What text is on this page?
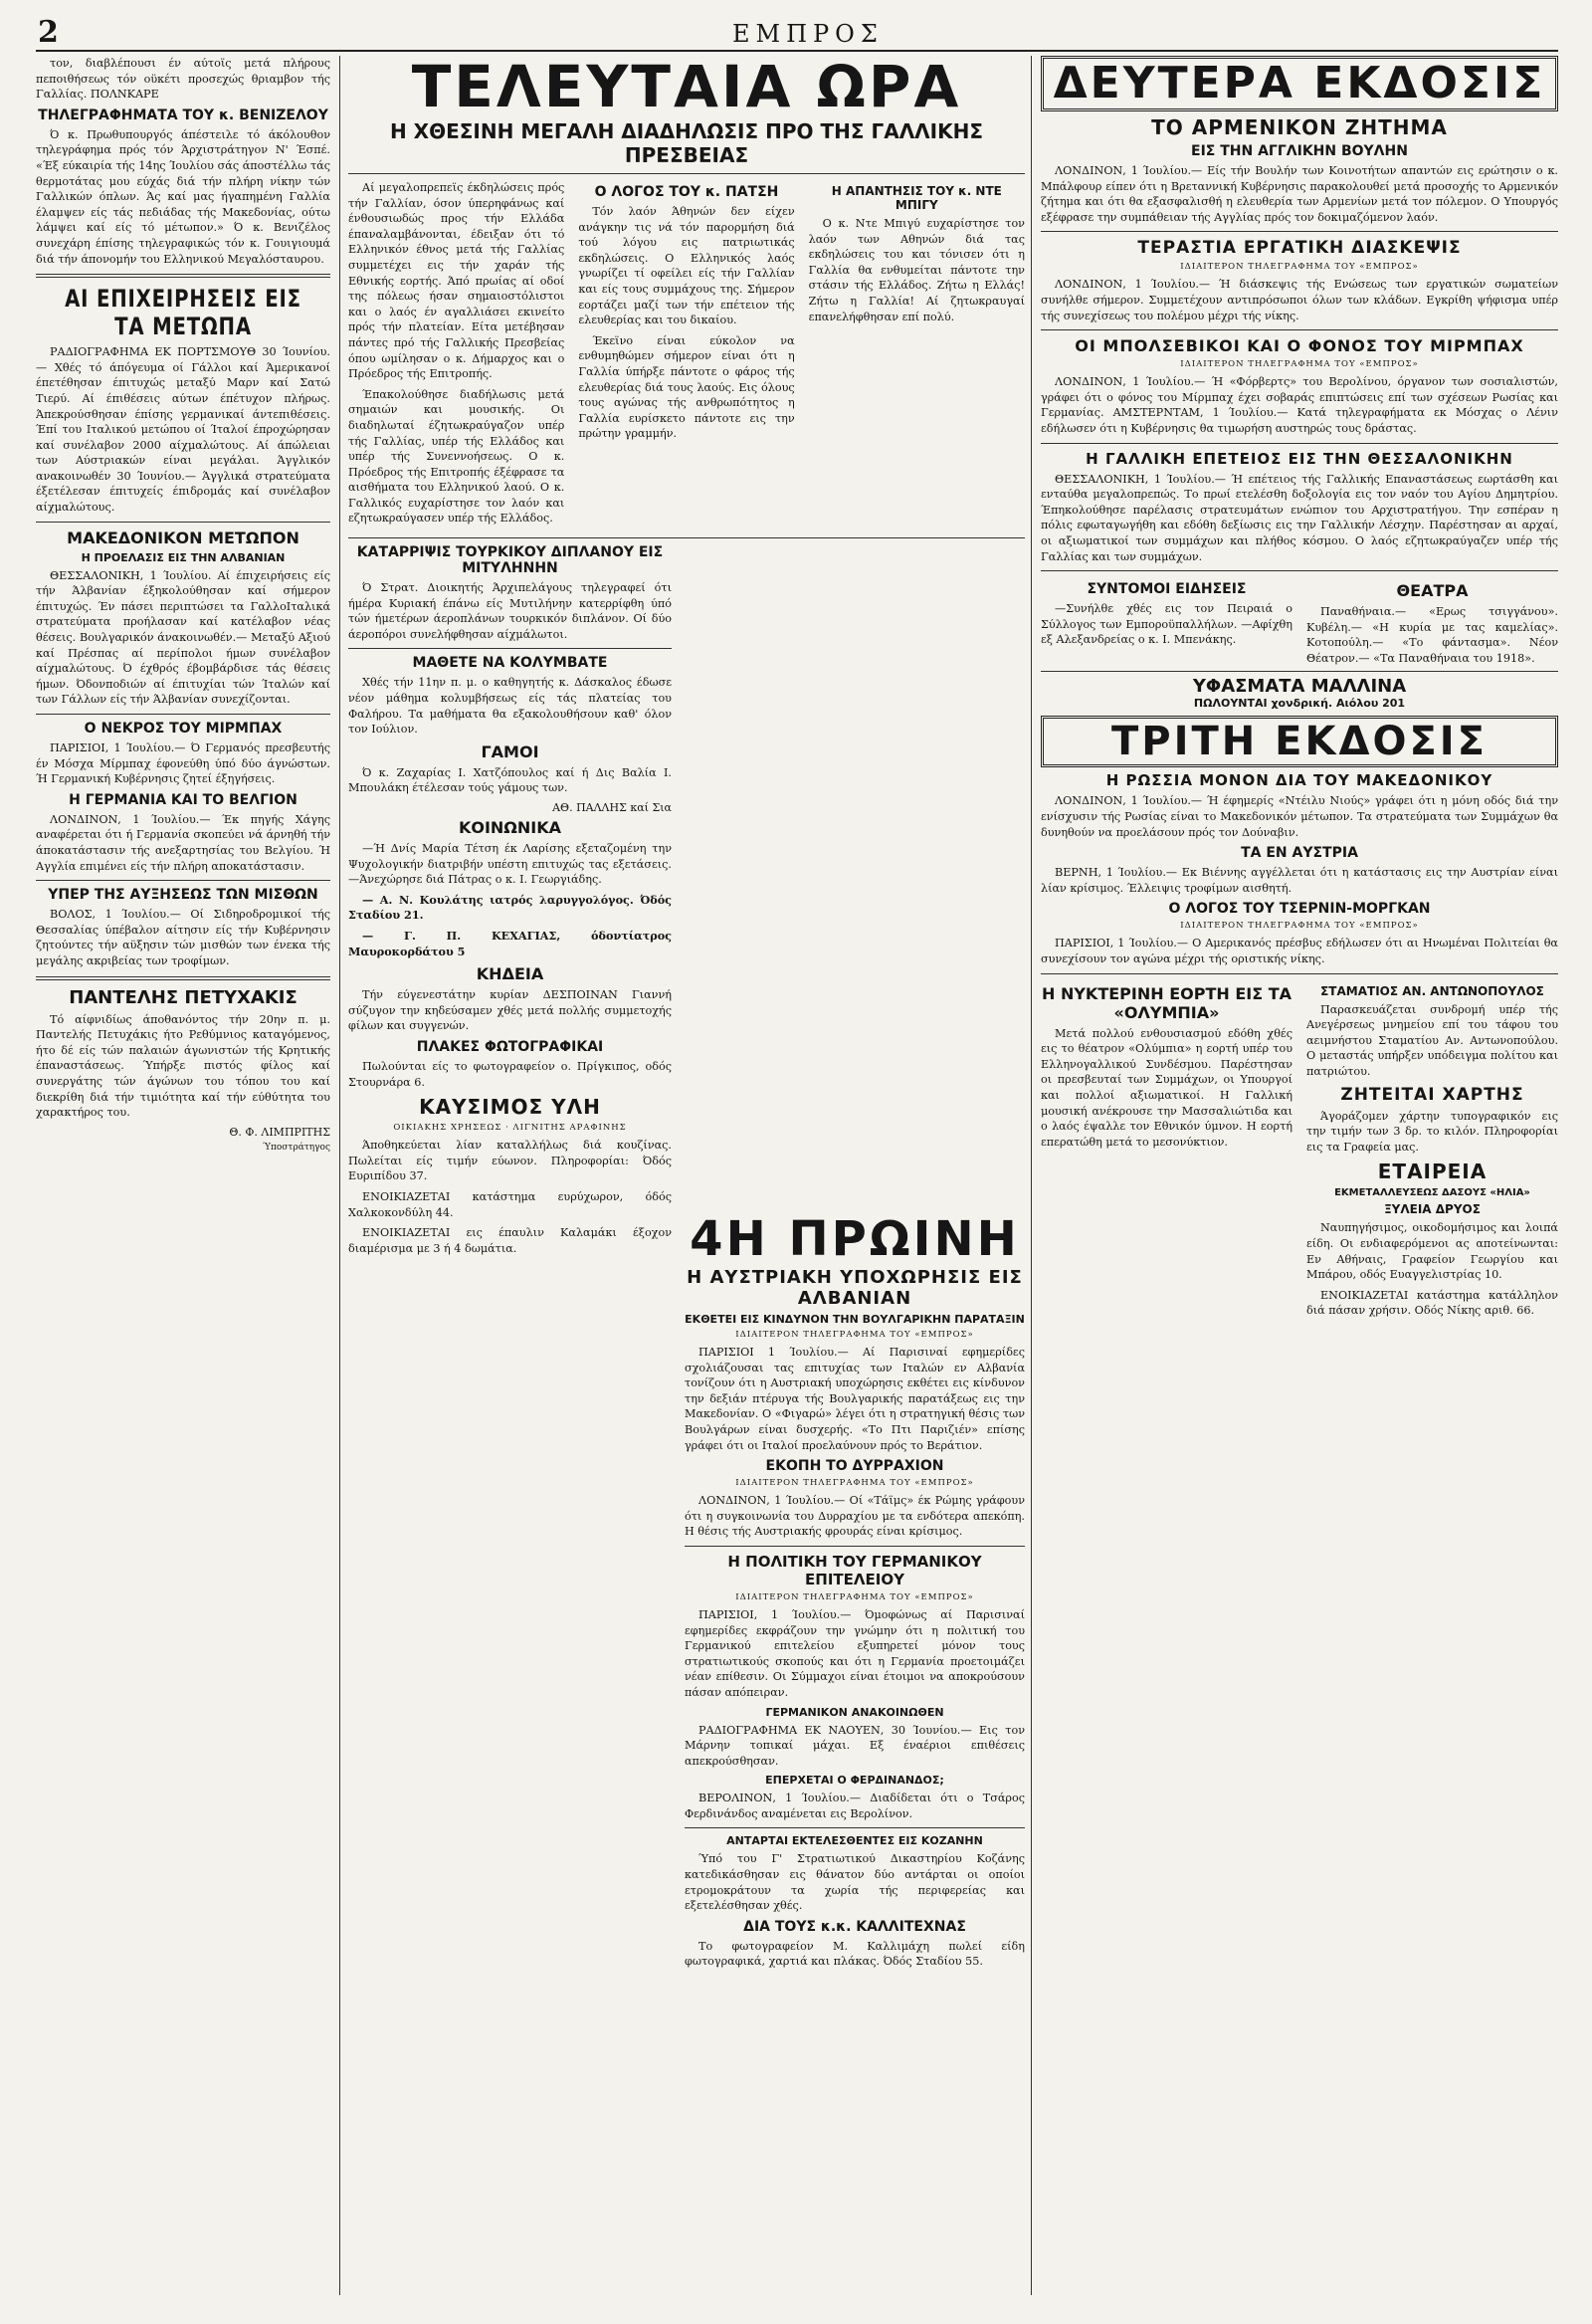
2	ΕΜΠΡΟΣ

τον, διαβλέπουσι έν αύτοϊς μετά πλήρους πεποιθήσεως τόν οϋκέτι προσεχώς θριαμβον τής Γαλλίας. ΠΟΛΝΚΑΡΕ

ΤΗΛΕΓΡΑΦΗΜΑΤΑ ΤΟΥ κ. ΒΕΝΙΖΕΛΟΥ

Ό κ. Πρωθυπουργός άπέστειλε τό άκόλουθον τηλεγράφημα πρός τόν Άρχιστράτηγον Ν' Έσπέ. «Έξ εύκαιρία τής 14ης Ίουλίου σάς άποστέλλω τάς θερμοτάτας μου εύχάς διά τήν πλήρη νίκην τών Γαλλικών όπλων. Άς καί μας ήγαπημένη Γαλλία έλαμψεν είς τάς πεδιάδας τής Μακεδονίας, ούτω λάμψει καί είς τό μέτωπον.» Ό κ. Βενιζέλος συνεχάρη έπίσης τηλεγραφικώς τόν κ. Γουιγιουμά διά τήν άπονομήν του Ελληνικού Μεγαλόσταυρου.

ΑΙ ΕΠΙΧΕΙΡΗΣΕΙΣ ΕΙΣ ΤΑ ΜΕΤΩΠΑ

ΡΑΔΙΟΓΡΑΦΗΜΑ ΕΚ ΠΟΡΤΣΜΟΥΘ 30 Ίουνίου.— Χθές τό άπόγευμα οί Γάλλοι καί Άμερικανοί έπετέθησαν έπιτυχώς μεταξύ Μαρν καί Σατώ Τιερύ. Αί έπιθέσεις αύτων έπέτυχον πλήρως. Άπεκρούσθησαν έπίσης γερμανικαί άντεπιθέσεις. Έπί του Ιταλικού μετώπου οί Ίταλοί έπροχώρησαν καί συνέλαβον 2000 αίχμαλώτους. Αί άπώλειαι των Αύστριακών είναι μεγάλαι. Άγγλικόν ανακοινωθέν 30 Ίουνίου.— Άγγλικά στρατεύματα έξετέλεσαν έπιτυχείς έπιδρομάς καί συνέλαβον αίχμαλώτους.

ΜΑΚΕΔΟΝΙΚΟΝ ΜΕΤΩΠΟΝ
Η ΠΡΟΕΛΑΣΙΣ ΕΙΣ ΤΗΝ ΑΛΒΑΝΙΑΝ

ΘΕΣΣΑΛΟΝΙΚΗ, 1 Ίουλίου. Αί έπιχειρήσεις είς τήν Άλβανίαν έξηκολούθησαν καί σήμερον έπιτυχώς. Έν πάσει περιπτώσει τα ΓαλλοΙταλικά στρατεύματα προήλασαν καί κατέλαβον νέας θέσεις. Βουλγαρικόν άνακοινωθέν.— Μεταξύ Αξιού καί Πρέσπας αί περίπολοι ήμων συνέλαβον αίχμαλώτους. Ό έχθρός έβομβάρδισε τάς θέσεις ήμων. Όδονποδιών αί έπιτυχίαι τών Ίταλών καί των Γάλλων είς τήν Άλβανίαν συνεχίζονται.

Ο ΝΕΚΡΟΣ ΤΟΥ ΜΙΡΜΠΑΧ

ΠΑΡΙΣΙΟΙ, 1 Ίουλίου.— Ό Γερμανός πρεσβευτής έν Μόσχα Μίρμπαχ έφονεύθη ύπό δύο άγνώστων. Ή Γερμανική Κυβέρνησις ζητεί έξηγήσεις.

Η ΓΕΡΜΑΝΙΑ ΚΑΙ ΤΟ ΒΕΛΓΙΟΝ

ΛΟΝΔΙΝΟΝ, 1 Ίουλίου.— Έκ πηγής Χάγης αναφέρεται ότι ή Γερμανία σκοπεύει νά άρνηθή τήν άποκατάστασιν τής ανεξαρτησίας του Βελγίου. Ή Αγγλία επιμένει είς τήν πλήρη αποκατάστασιν.

ΥΠΕΡ ΤΗΣ ΑΥΞΗΣΕΩΣ ΤΩΝ ΜΙΣΘΩΝ

ΒΟΛΟΣ, 1 Ίουλίου.— Οί Σιδηροδρομικοί τής Θεσσαλίας ύπέβαλον αίτησιν είς τήν Κυβέρνησιν ζητούντες τήν αϋξησιν τών μισθών των ένεκα τής μεγάλης ακριβείας των τροφίμων.

ΠΑΝΤΕΛΗΣ ΠΕΤΥΧΑΚΙΣ

Τό αίφνιδίως άποθανόντος τήν 20ην π. μ. Παντελής Πετυχάκις ήτο Ρεθύμνιος καταγόμενος, ήτο δέ είς τών παλαιών άγωνιστών τής Κρητικής έπαναστάσεως. Ύπήρξε πιστός φίλος καί συνεργάτης τών άγώνων του τόπου του καί διεκρίθη διά τήν τιμιότητα καί τήν εύθύτητα του χαρακτήρος του.

Θ. Φ. ΛΙΜΠΡΙΤΗΣ
Ύποστράτηγος
ΤΕΛΕΥΤΑΙΑ ΩΡΑ
Η ΧΘΕΣΙΝΗ ΜΕΓΑΛΗ ΔΙΑΔΗΛΩΣΙΣ ΠΡΟ ΤΗΣ ΓΑΛΛΙΚΗΣ ΠΡΕΣΒΕΙΑΣ

Αί μεγαλοπρεπεϊς έκδηλώσεις πρός τήν Γαλλίαν, όσον ύπερηφάνως καί ένθουσιωδώς προς τήν Ελλάδα έπαναλαμβάνονται, έδειξαν ότι τό Ελληνικόν έθνος μετά τής Γαλλίας συμμετέχει εις τήν χαράν τής Εθνικής εορτής. Άπό πρωίας αί οδοί της πόλεως ήσαν σημαιοστόλιστοι και ο λαός έν αγαλλιάσει εκινείτο πρός τήν πλατείαν. Είτα μετέβησαν πάντες πρό τής Γαλλικής Πρεσβείας όπου ωμίλησαν ο κ. Δήμαρχος και ο Πρόεδρος τής Επιτροπής.

Έπακολούθησε διαδήλωσις μετά σημαιών και μουσικής. Οι διαδηλωταί έζητωκραύγαζον υπέρ τής Γαλλίας, υπέρ τής Ελλάδος και υπέρ τής Συνεννοήσεως. Ο κ. Πρόεδρος τής Επιτροπής έξέφρασε τα αισθήματα του Ελληνικού λαού. Ο κ. Γαλλικός ευχαρίστησε τον λαόν και εζητωκραύγασεν υπέρ τής Ελλάδος.

Ο ΛΟΓΟΣ ΤΟΥ κ. ΠΑΤΣΗ

Τόν λαόν Άθηνών δεν είχεν ανάγκην τις νά τόν παρορμήση διά τού λόγου εις πατριωτικάς εκδηλώσεις. Ο Ελληνικός λαός γνωρίζει τί οφείλει είς τήν Γαλλίαν και είς τους συμμάχους της. Σήμερον εορτάζει μαζί των τήν επέτειον τής ελευθερίας και του δικαίου.

Έκεϊνο είναι εύκολον να ενθυμηθώμεν σήμερον είναι ότι η Γαλλία ύπήρξε πάντοτε ο φάρος τής ελευθερίας διά τους λαούς. Εις όλους τους αγώνας τής ανθρωπότητος η Γαλλία ευρίσκετο πάντοτε εις την πρώτην γραμμήν.

Η ΑΠΑΝΤΗΣΙΣ ΤΟΥ κ. ΝΤΕ ΜΠΙΓΥ

Ο κ. Ντε Μπιγύ ευχαρίστησε τον λαόν των Αθηνών διά τας εκδηλώσεις του και τόνισεν ότι η Γαλλία θα ενθυμείται πάντοτε την στάσιν τής Ελλάδος. Ζήτω η Ελλάς! Ζήτω η Γαλλία! Αί ζητωκραυγαί επανελήφθησαν επί πολύ.

ΚΑΤΑΡΡΙΨΙΣ ΤΟΥΡΚΙΚΟΥ ΔΙΠΛΑΝΟΥ ΕΙΣ ΜΙΤΥΛΗΝΗΝ

Ό Στρατ. Διοικητής Άρχιπελάγους τηλεγραφεί ότι ήμέρα Κυριακή έπάνω είς Μυτιλήνην κατερρίφθη ύπό τών ήμετέρων άεροπλάνων τουρκικόν διπλάνον. Οί δύο άεροπόροι συνελήφθησαν αίχμάλωτοι.

ΜΑΘΕΤΕ ΝΑ ΚΟΛΥΜΒΑΤΕ

Χθές τήν 11ην π. μ. ο καθηγητής κ. Δάσκαλος έδωσε νέον μάθημα κολυμβήσεως είς τάς πλατείας του Φαλήρου. Τα μαθήματα θα εξακολουθήσουν καθ' όλον τον Ιούλιον.

ΓΑΜΟΙ

Ό κ. Ζαχαρίας Ι. Χατζόπουλος καί ή Δις Βαλία Ι. Μπουλάκη έτέλεσαν τούς γάμους των.

ΑΘ. ΠΑΛΛΗΣ καί Σια
ΚΟΙΝΩΝΙΚΑ

—Ή Δνίς Μαρία Τέτση έκ Λαρίσης εξεταζομένη την Ψυχολογικήν διατριβήν υπέστη επιτυχώς τας εξετάσεις. —Άνεχώρησε διά Πάτρας ο κ. Ι. Γεωργιάδης.

— Α. Ν. Κουλάτης ιατρός λαρυγγολόγος. Όδός Σταδίου 21.

— Γ. Π. ΚΕΧΑΓΙΑΣ, όδοντίατρος Μαυροκορδάτου 5

ΚΗΔΕΙΑ

Τήν εύγενεστάτην κυρίαν ΔΕΣΠΟΙΝΑΝ Γιαννή σύζυγον την κηδεύσαμεν χθές μετά πολλής συμμετοχής φίλων και συγγενών.

ΠΛΑΚΕΣ ΦΩΤΟΓΡΑΦΙΚΑΙ

Πωλούνται είς το φωτογραφείον ο. Πρίγκιπος, οδός Στουρνάρα 6.

ΚΑΥΣΙΜΟΣ ΥΛΗ
ΟΙΚΙΑΚΗΣ ΧΡΗΣΕΩΣ · ΛΙΓΝΙΤΗΣ ΑΡΑΦΙΝΗΣ

Άποθηκεύεται λίαν καταλλήλως διά κουζίνας. Πωλείται είς τιμήν εύωνον. Πληροφορίαι: Όδός Ευριπίδου 37.

ΕΝΟΙΚΙΑΖΕΤΑΙ κατάστημα ευρύχωρον, όδός Χαλκοκονδύλη 44.

ΕΝΟΙΚΙΑΖΕΤΑΙ εις έπαυλιν Καλαμάκι έξοχον διαμέρισμα με 3 ή 4 δωμάτια.	4Η ΠΡΩΙΝΗ
Η ΑΥΣΤΡΙΑΚΗ ΥΠΟΧΩΡΗΣΙΣ ΕΙΣ ΑΛΒΑΝΙΑΝ
ΕΚΘΕΤΕΙ ΕΙΣ ΚΙΝΔΥΝΟΝ ΤΗΝ ΒΟΥΛΓΑΡΙΚΗΝ ΠΑΡΑΤΑΞΙΝ
ΙΔΙΑΙΤΕΡΟΝ ΤΗΛΕΓΡΑΦΗΜΑ ΤΟΥ «ΕΜΠΡΟΣ»

ΠΑΡΙΣΙΟΙ 1 Ίουλίου.— Αί Παρισιναί εφημερίδες σχολιάζουσαι τας επιτυχίας των Ιταλών εν Αλβανία τονίζουν ότι η Αυστριακή υποχώρησις εκθέτει εις κίνδυνον την δεξιάν πτέρυγα τής Βουλγαρικής παρατάξεως εις την Μακεδονίαν. Ο «Φιγαρώ» λέγει ότι η στρατηγική θέσις των Βουλγάρων είναι δυσχερής. «Το Πτι Παριζιέν» επίσης γράφει ότι οι Ιταλοί προελαύνουν πρός το Βεράτιον.

ΕΚΟΠΗ ΤΟ ΔΥΡΡΑΧΙΟΝ
ΙΔΙΑΙΤΕΡΟΝ ΤΗΛΕΓΡΑΦΗΜΑ ΤΟΥ «ΕΜΠΡΟΣ»

ΛΟΝΔΙΝΟΝ, 1 Ίουλίου.— Οί «Τάϊμς» έκ Ρώμης γράφουν ότι η συγκοινωνία του Δυρραχίου με τα ενδότερα απεκόπη. Η θέσις τής Αυστριακής φρουράς είναι κρίσιμος.

Η ΠΟΛΙΤΙΚΗ ΤΟΥ ΓΕΡΜΑΝΙΚΟΥ ΕΠΙΤΕΛΕΙΟΥ
ΙΔΙΑΙΤΕΡΟΝ ΤΗΛΕΓΡΑΦΗΜΑ ΤΟΥ «ΕΜΠΡΟΣ»

ΠΑΡΙΣΙΟΙ, 1 Ίουλίου.— Όμοφώνως αί Παρισιναί εφημερίδες εκφράζουν την γνώμην ότι η πολιτική του Γερμανικού επιτελείου εξυπηρετεί μόνον τους στρατιωτικούς σκοπούς και ότι η Γερμανία προετοιμάζει νέαν επίθεσιν. Οι Σύμμαχοι είναι έτοιμοι να αποκρούσουν πάσαν απόπειραν.

ΓΕΡΜΑΝΙΚΟΝ ΑΝΑΚΟΙΝΩΘΕΝ

ΡΑΔΙΟΓΡΑΦΗΜΑ ΕΚ ΝΑΟΥΕΝ, 30 Ίουνίου.— Εις τον Μάρνην τοπικαί μάχαι. Εξ έναέριοι επιθέσεις απεκρούσθησαν.

ΕΠΕΡΧΕΤΑΙ Ο ΦΕΡΔΙΝΑΝΔΟΣ;

ΒΕΡΟΛΙΝΟΝ, 1 Ίουλίου.— Διαδίδεται ότι ο Τσάρος Φερδινάνδος αναμένεται εις Βερολίνον.

ΑΝΤΑΡΤΑΙ ΕΚΤΕΛΕΣΘΕΝΤΕΣ ΕΙΣ ΚΟΖΑΝΗΝ

Ύπό του Γ' Στρατιωτικού Δικαστηρίου Κοζάνης κατεδικάσθησαν εις θάνατον δύο αντάρται οι οποίοι ετρομοκράτουν τα χωρία τής περιφερείας και εξετελέσθησαν χθές.

ΔΙΑ ΤΟΥΣ κ.κ. ΚΑΛΛΙΤΕΧΝΑΣ

Το φωτογραφείον Μ. Καλλιμάχη πωλεί είδη φωτογραφικά, χαρτιά και πλάκας. Όδός Σταδίου 55.

ΔΕΥΤΕΡΑ ΕΚΔΟΣΙΣ
ΤΟ ΑΡΜΕΝΙΚΟΝ ΖΗΤΗΜΑ
ΕΙΣ ΤΗΝ ΑΓΓΛΙΚΗΝ ΒΟΥΛΗΝ

ΛΟΝΔΙΝΟΝ, 1 Ίουλίου.— Είς τήν Βουλήν των Κοινοτήτων απαντών εις ερώτησιν ο κ. Μπάλφουρ είπεν ότι η Βρεταννική Κυβέρνησις παρακολουθεί μετά προσοχής το Αρμενικόν ζήτημα και ότι θα εξασφαλισθή η ελευθερία των Αρμενίων μετά τον πόλεμον. Ο Υπουργός εξέφρασε την συμπάθειαν τής Αγγλίας πρός τον δοκιμαζόμενον λαόν.

ΤΕΡΑΣΤΙΑ ΕΡΓΑΤΙΚΗ ΔΙΑΣΚΕΨΙΣ
ΙΔΙΑΙΤΕΡΟΝ ΤΗΛΕΓΡΑΦΗΜΑ ΤΟΥ «ΕΜΠΡΟΣ»

ΛΟΝΔΙΝΟΝ, 1 Ίουλίου.— Ή διάσκεψις τής Ενώσεως των εργατικών σωματείων συνήλθε σήμερον. Συμμετέχουν αντιπρόσωποι όλων των κλάδων. Εγκρίθη ψήφισμα υπέρ τής συνεχίσεως του πολέμου μέχρι τής νίκης.

ΟΙ ΜΠΟΛΣΕΒΙΚΟΙ ΚΑΙ Ο ΦΟΝΟΣ ΤΟΥ ΜΙΡΜΠΑΧ
ΙΔΙΑΙΤΕΡΟΝ ΤΗΛΕΓΡΑΦΗΜΑ ΤΟΥ «ΕΜΠΡΟΣ»

ΛΟΝΔΙΝΟΝ, 1 Ίουλίου.— Ή «Φόρβερτς» του Βερολίνου, όργανον των σοσιαλιστών, γράφει ότι ο φόνος του Μίρμπαχ έχει σοβαράς επιπτώσεις επί των σχέσεων Ρωσίας και Γερμανίας. ΑΜΣΤΕΡΝΤΑΜ, 1 Ίουλίου.— Κατά τηλεγραφήματα εκ Μόσχας ο Λένιν εδήλωσεν ότι η Κυβέρνησις θα τιμωρήση αυστηρώς τους δράστας.

Η ΓΑΛΛΙΚΗ ΕΠΕΤΕΙΟΣ ΕΙΣ ΤΗΝ ΘΕΣΣΑΛΟΝΙΚΗΝ

ΘΕΣΣΑΛΟΝΙΚΗ, 1 Ίουλίου.— Ή επέτειος τής Γαλλικής Επαναστάσεως εωρτάσθη και ενταύθα μεγαλοπρεπώς. Το πρωί ετελέσθη δοξολογία εις τον ναόν του Αγίου Δημητρίου. Έπηκολούθησε παρέλασις στρατευμάτων ενώπιον του Αρχιστρατήγου. Την εσπέραν η πόλις εφωταγωγήθη και εδόθη δεξίωσις εις την Γαλλικήν Λέσχην. Παρέστησαν αι αρχαί, οι αξιωματικοί των συμμάχων και πλήθος κόσμου. Ο λαός εζητωκραύγαζεν υπέρ τής Γαλλίας και των συμμάχων.

ΣΥΝΤΟΜΟΙ ΕΙΔΗΣΕΙΣ

—Συνήλθε χθές εις τον Πειραιά ο Σύλλογος των Εμποροϋπαλλήλων. —Αφίχθη εξ Αλεξανδρείας ο κ. Ι. Μπενάκης.

ΘΕΑΤΡΑ

Παναθήναια.— «Ερως τσιγγάνου». Κυβέλη.— «Η κυρία με τας καμελίας». Κοτοπούλη.— «Το φάντασμα». Νέον Θέατρον.— «Τα Παναθήναια του 1918».

ΥΦΑΣΜΑΤΑ ΜΑΛΛΙΝΑ
ΠΩΛΟΥΝΤΑΙ χονδρική. Αιόλου 201
ΤΡΙΤΗ ΕΚΔΟΣΙΣ
Η ΡΩΣΣΙΑ ΜΟΝΟΝ ΔΙΑ ΤΟΥ ΜΑΚΕΔΟΝΙΚΟΥ

ΛΟΝΔΙΝΟΝ, 1 Ίουλίου.— Ή έφημερίς «Ντέιλυ Νιούς» γράφει ότι η μόνη οδός διά την ενίσχυσιν τής Ρωσίας είναι το Μακεδονικόν μέτωπον. Τα στρατεύματα των Συμμάχων θα δυνηθούν να προελάσουν πρός τον Δούναβιν.

ΤΑ ΕΝ ΑΥΣΤΡΙΑ

ΒΕΡΝΗ, 1 Ίουλίου.— Εκ Βιέννης αγγέλλεται ότι η κατάστασις εις την Αυστρίαν είναι λίαν κρίσιμος. Έλλειψις τροφίμων αισθητή.

Ο ΛΟΓΟΣ ΤΟΥ ΤΣΕΡΝΙΝ-ΜΟΡΓΚΑΝ
ΙΔΙΑΙΤΕΡΟΝ ΤΗΛΕΓΡΑΦΗΜΑ ΤΟΥ «ΕΜΠΡΟΣ»

ΠΑΡΙΣΙΟΙ, 1 Ίουλίου.— Ο Αμερικανός πρέσβυς εδήλωσεν ότι αι Ηνωμέναι Πολιτείαι θα συνεχίσουν τον αγώνα μέχρι τής οριστικής νίκης.

Η ΝΥΚΤΕΡΙΝΗ ΕΟΡΤΗ ΕΙΣ ΤΑ «ΟΛΥΜΠΙΑ»

Μετά πολλού ενθουσιασμού εδόθη χθές εις το θέατρον «Ολύμπια» η εορτή υπέρ του Ελληνογαλλικού Συνδέσμου. Παρέστησαν οι πρεσβευταί των Συμμάχων, οι Υπουργοί και πολλοί αξιωματικοί. Η Γαλλική μουσική ανέκρουσε την Μασσαλιώτιδα και ο λαός έψαλλε τον Εθνικόν ύμνον. Η εορτή επερατώθη μετά το μεσονύκτιον.

ΣΤΑΜΑΤΙΟΣ ΑΝ. ΑΝΤΩΝΟΠΟΥΛΟΣ

Παρασκευάζεται συνδρομή υπέρ τής Ανεγέρσεως μνημείου επί του τάφου του αειμνήστου Σταματίου Αν. Αντωνοπούλου. Ο μεταστάς υπήρξεν υπόδειγμα πολίτου και πατριώτου.

ΖΗΤΕΙΤΑΙ ΧΑΡΤΗΣ

Άγοράζομεν χάρτην τυπογραφικόν εις την τιμήν των 3 δρ. το κιλόν. Πληροφορίαι εις τα Γραφεία μας.

ΕΤΑΙΡΕΙΑ
ΕΚΜΕΤΑΛΛΕΥΣΕΩΣ ΔΑΣΟΥΣ «ΗΛΙΑ»
ΞΥΛΕΙΑ ΔΡΥΟΣ

Ναυπηγήσιμος, οικοδομήσιμος και λοιπά είδη. Οι ενδιαφερόμενοι ας αποτείνωνται: Εν Αθήναις, Γραφείον Γεωργίου και Μπάρου, οδός Ευαγγελιστρίας 10.

ΕΝΟΙΚΙΑΖΕΤΑΙ κατάστημα κατάλληλον διά πάσαν χρήσιν. Οδός Νίκης αριθ. 66.
